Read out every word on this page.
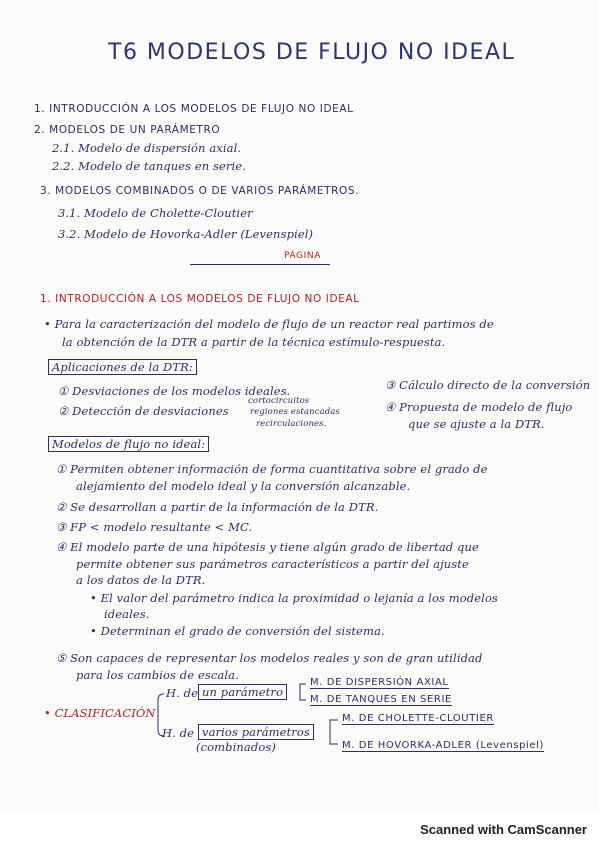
T6 MODELOS DE FLUJO NO IDEAL
1. INTRODUCCIÓN A LOS MODELOS DE FLUJO NO IDEAL
2. MODELOS DE UN PARÁMETRO
2.1. Modelo de dispersión axial.
2.2. Modelo de tanques en serie.
3. MODELOS COMBINADOS O DE VARIOS PARÁMETROS.
3.1. Modelo de Cholette-Cloutier
3.2. Modelo de Hovorka-Adler (Levenspiel)
PÁGINA
1. INTRODUCCIÓN A LOS MODELOS DE FLUJO NO IDEAL
• Para la caracterización del modelo de flujo de un reactor real partimos de
la obtención de la DTR a partir de la técnica estímulo-respuesta.
Aplicaciones de la DTR:
① Desviaciones de los modelos ideales.
② Detección de desviaciones
cortocircuitos
regiones estancadas
recirculaciones.
③ Cálculo directo de la conversión
④ Propuesta de modelo de flujo
que se ajuste a la DTR.
Modelos de flujo no ideal:
① Permiten obtener información de forma cuantitativa sobre el grado de
alejamiento del modelo ideal y la conversión alcanzable.
② Se desarrollan a partir de la información de la DTR.
③ FP < modelo resultante < MC.
④ El modelo parte de una hipótesis y tiene algún grado de libertad que
permite obtener sus parámetros característicos a partir del ajuste
a los datos de la DTR.
• El valor del parámetro indica la proximidad o lejanía a los modelos
ideales.
• Determinan el grado de conversión del sistema.
⑤ Son capaces de representar los modelos reales y son de gran utilidad
para los cambios de escala.
• CLASIFICACIÓN
H. de un parámetro
M. DE DISPERSIÓN AXIAL
M. DE TANQUES EN SERIE
H. de varios parámetros
(combinados)
M. DE CHOLETTE-CLOUTIER
M. DE HOVORKA-ADLER (Levenspiel)
Scanned with CamScanner
